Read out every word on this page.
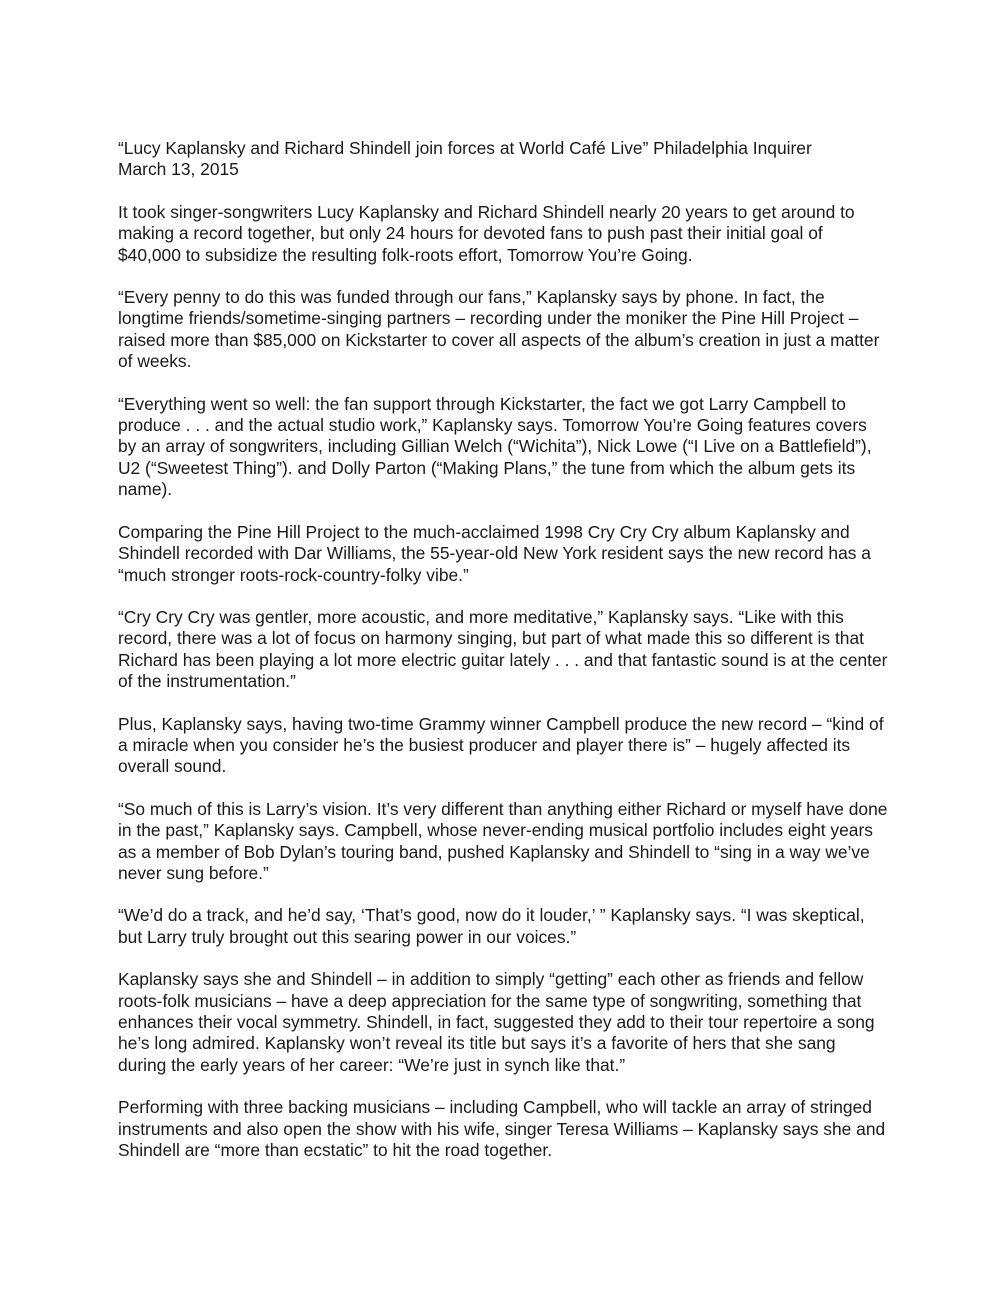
“Lucy Kaplansky and Richard Shindell join forces at World Café Live” Philadelphia Inquirer
March 13, 2015

It took singer-songwriters Lucy Kaplansky and Richard Shindell nearly 20 years to get around to making a record together, but only 24 hours for devoted fans to push past their initial goal of $40,000 to subsidize the resulting folk-roots effort, Tomorrow You’re Going.

“Every penny to do this was funded through our fans,” Kaplansky says by phone. In fact, the longtime friends/sometime-singing partners – recording under the moniker the Pine Hill Project – raised more than $85,000 on Kickstarter to cover all aspects of the album’s creation in just a matter of weeks.

“Everything went so well: the fan support through Kickstarter, the fact we got Larry Campbell to produce . . . and the actual studio work,” Kaplansky says. Tomorrow You’re Going features covers by an array of songwriters, including Gillian Welch (“Wichita”), Nick Lowe (“I Live on a Battlefield”), U2 (“Sweetest Thing”). and Dolly Parton (“Making Plans,” the tune from which the album gets its name).

Comparing the Pine Hill Project to the much-acclaimed 1998 Cry Cry Cry album Kaplansky and Shindell recorded with Dar Williams, the 55-year-old New York resident says the new record has a “much stronger roots-rock-country-folky vibe.”

“Cry Cry Cry was gentler, more acoustic, and more meditative,” Kaplansky says. “Like with this record, there was a lot of focus on harmony singing, but part of what made this so different is that Richard has been playing a lot more electric guitar lately . . . and that fantastic sound is at the center of the instrumentation.”

Plus, Kaplansky says, having two-time Grammy winner Campbell produce the new record – “kind of a miracle when you consider he’s the busiest producer and player there is” – hugely affected its overall sound.

“So much of this is Larry’s vision. It’s very different than anything either Richard or myself have done in the past,” Kaplansky says. Campbell, whose never-ending musical portfolio includes eight years as a member of Bob Dylan’s touring band, pushed Kaplansky and Shindell to “sing in a way we’ve never sung before.”

“We’d do a track, and he’d say, ‘That’s good, now do it louder,’ ” Kaplansky says. “I was skeptical, but Larry truly brought out this searing power in our voices.”

Kaplansky says she and Shindell – in addition to simply “getting” each other as friends and fellow roots-folk musicians – have a deep appreciation for the same type of songwriting, something that enhances their vocal symmetry. Shindell, in fact, suggested they add to their tour repertoire a song he’s long admired. Kaplansky won’t reveal its title but says it’s a favorite of hers that she sang during the early years of her career: “We’re just in synch like that.”

Performing with three backing musicians – including Campbell, who will tackle an array of stringed instruments and also open the show with his wife, singer Teresa Williams – Kaplansky says she and Shindell are “more than ecstatic” to hit the road together.
